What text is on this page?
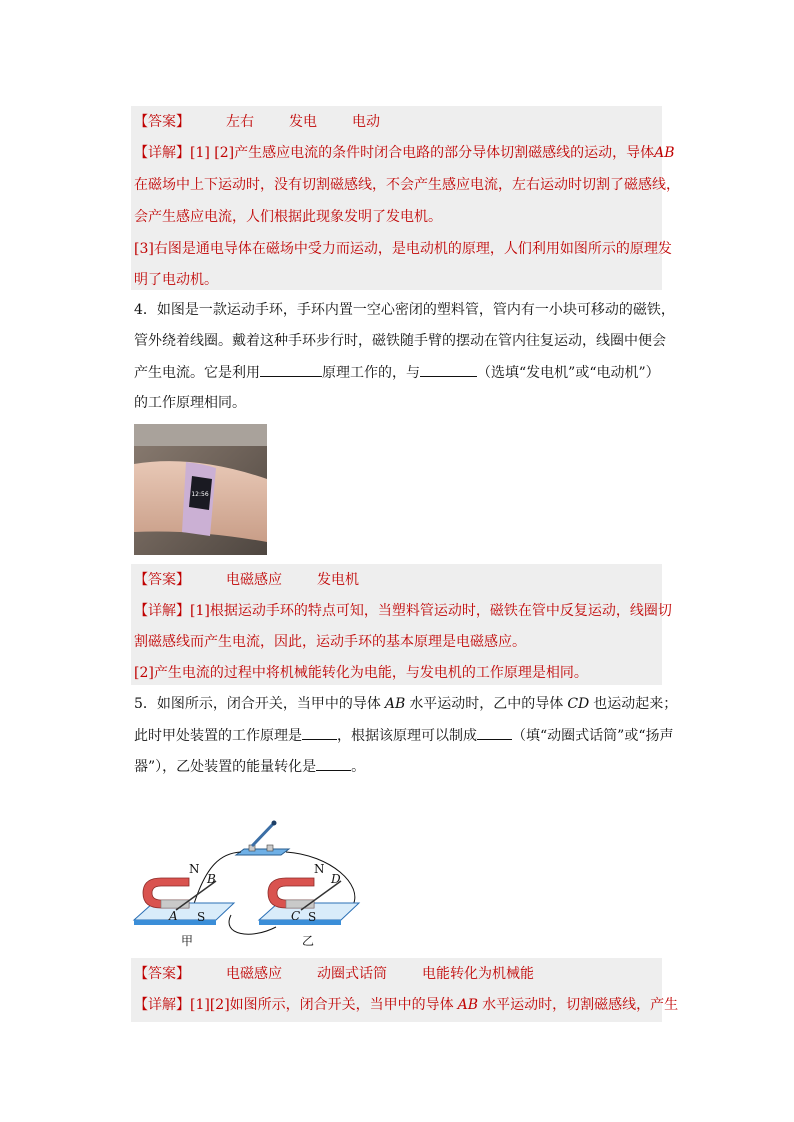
【答案】	左右	发电	电动
【详解】[1] [2]产生感应电流的条件时闭合电路的部分导体切割磁感线的运动，导体AB
在磁场中上下运动时，没有切割磁感线，不会产生感应电流，左右运动时切割了磁感线，
会产生感应电流，人们根据此现象发明了发电机。
[3]右图是通电导体在磁场中受力而运动，是电动机的原理，人们利用如图所示的原理发
明了电动机。
4．如图是一款运动手环，手环内置一空心密闭的塑料管，管内有一小块可移动的磁铁，
管外绕着线圈。戴着这种手环步行时，磁铁随手臂的摆动在管内往复运动，线圈中便会
产生电流。它是利用	原理工作的，与	（选填“发电机”或“电动机”）
的工作原理相同。
12:56
【答案】	电磁感应	发电机
【详解】[1]根据运动手环的特点可知，当塑料管运动时，磁铁在管中反复运动，线圈切
割磁感线而产生电流，因此，运动手环的基本原理是电磁感应。
[2]产生电流的过程中将机械能转化为电能，与发电机的工作原理是相同。
5．如图所示，闭合开关，当甲中的导体 AB 水平运动时，乙中的导体 CD 也运动起来；
此时甲处装置的工作原理是	，根据该原理可以制成	（填“动圈式话筒”或“扬声
器”），乙处装置的能量转化是	。
N
S
A
B
甲
N
S
C
D
乙
【答案】	电磁感应	动圈式话筒	电能转化为机械能
【详解】[1][2]如图所示，闭合开关，当甲中的导体 AB 水平运动时，切割磁感线，产生
